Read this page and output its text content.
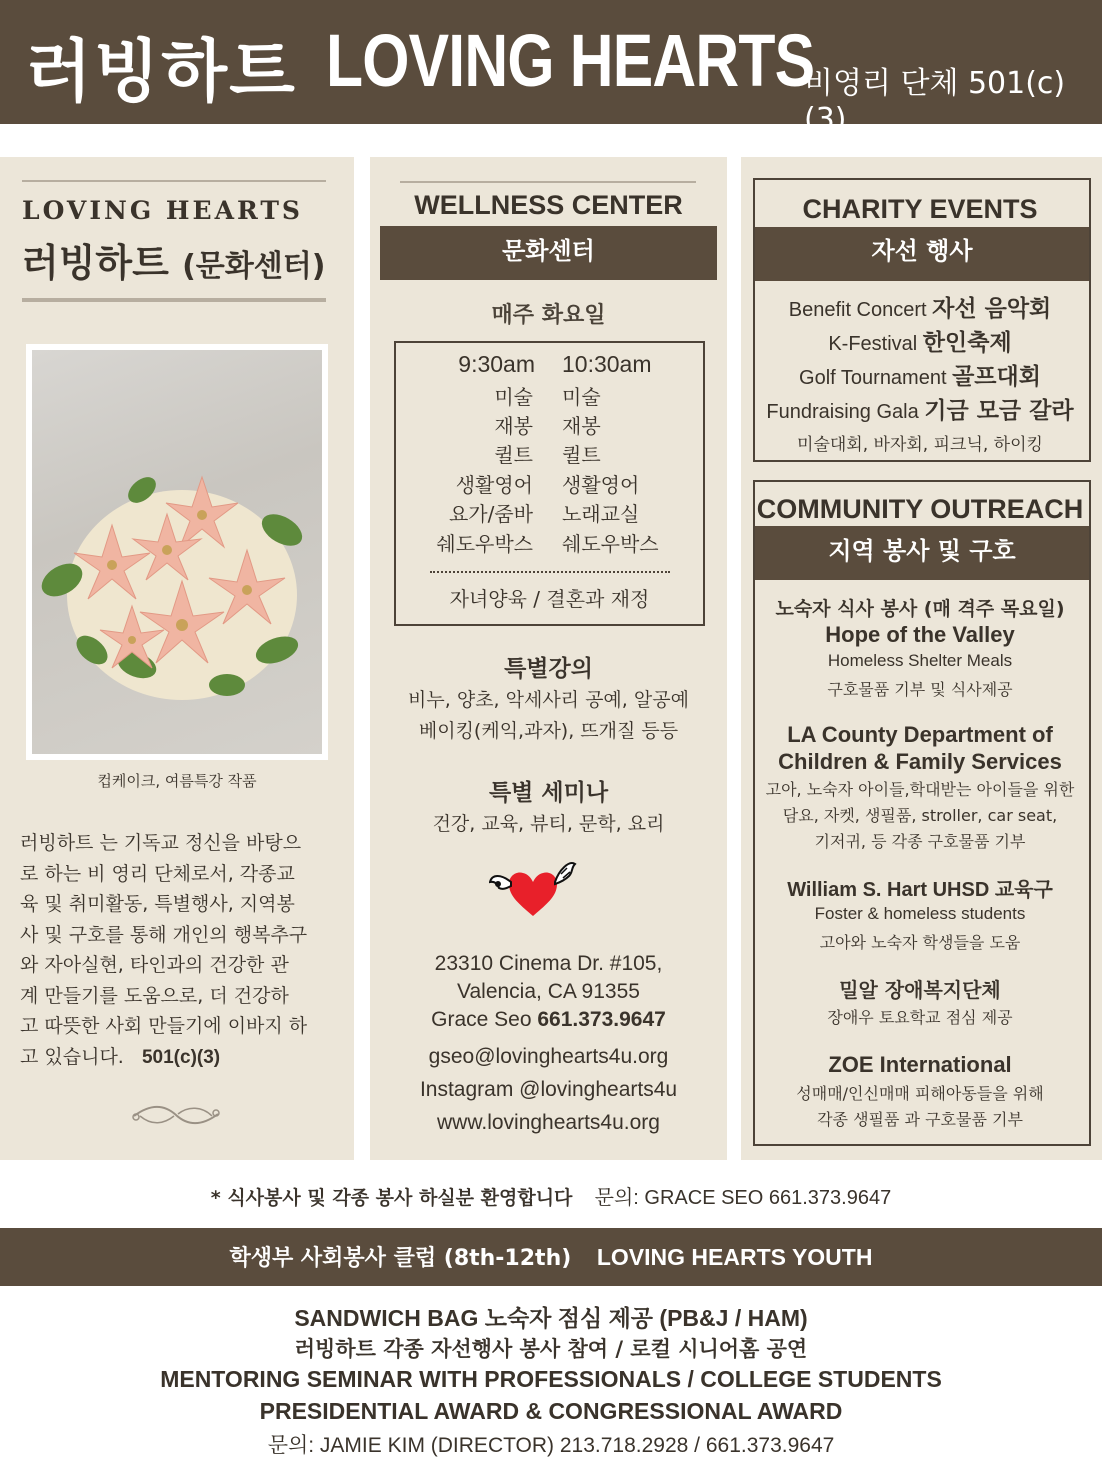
러빙하트 LOVING HEARTS
비영리 단체 501(c)(3)
LOVING HEARTS
러빙하트 (문화센터)
컵케이크, 여름특강 작품
러빙하트 는 기독교 정신을 바탕으
로 하는 비 영리 단체로서, 각종교
육 및 취미활동, 특별행사, 지역봉
사 및 구호를 통해 개인의 행복추구
와 자아실현, 타인과의 건강한 관
계 만들기를 도움으로, 더 건강하
고 따뜻한 사회 만들기에 이바지 하
고 있습니다. 501(c)(3)
WELLNESS CENTER
문화센터
매주 화요일
9:30am 10:30am
미술 미술
재봉 재봉
퀼트 퀼트
생활영어 생활영어
요가/줌바 노래교실
쉐도우박스 쉐도우박스
자녀양육 / 결혼과 재정
특별강의
비누, 양초, 악세사리 공예, 알공예
베이킹(케익,과자), 뜨개질 등등
특별 세미나
건강, 교육, 뷰티, 문학, 요리
23310 Cinema Dr. #105,
Valencia, CA 91355
Grace Seo 661.373.9647
gseo@lovinghearts4u.org
Instagram @lovinghearts4u
www.lovinghearts4u.org
CHARITY EVENTS
자선 행사
Benefit Concert 자선 음악회
K-Festival 한인축제
Golf Tournament 골프대회
Fundraising Gala 기금 모금 갈라
미술대회, 바자회, 피크닉, 하이킹
COMMUNITY OUTREACH
지역 봉사 및 구호
노숙자 식사 봉사 (매 격주 목요일)
Hope of the Valley
Homeless Shelter Meals
구호물품 기부 및 식사제공
LA County Department of
Children & Family Services
고아, 노숙자 아이들,학대받는 아이들을 위한
담요, 자켓, 생필품, stroller, car seat,
기저귀, 등 각종 구호물품 기부
William S. Hart UHSD 교육구
Foster & homeless students
고아와 노숙자 학생들을 도움
밀알 장애복지단체
장애우 토요학교 점심 제공
ZOE International
성매매/인신매매 피해아동들을 위해
각종 생필품 과 구호물품 기부
* 식사봉사 및 각종 봉사 하실분 환영합니다 문의: GRACE SEO 661.373.9647
학생부 사회봉사 클럽 (8th-12th) LOVING HEARTS YOUTH
SANDWICH BAG 노숙자 점심 제공 (PB&J / HAM)
러빙하트 각종 자선행사 봉사 참여 / 로컬 시니어홈 공연
MENTORING SEMINAR WITH PROFESSIONALS / COLLEGE STUDENTS
PRESIDENTIAL AWARD & CONGRESSIONAL AWARD
문의: JAMIE KIM (DIRECTOR) 213.718.2928 / 661.373.9647
